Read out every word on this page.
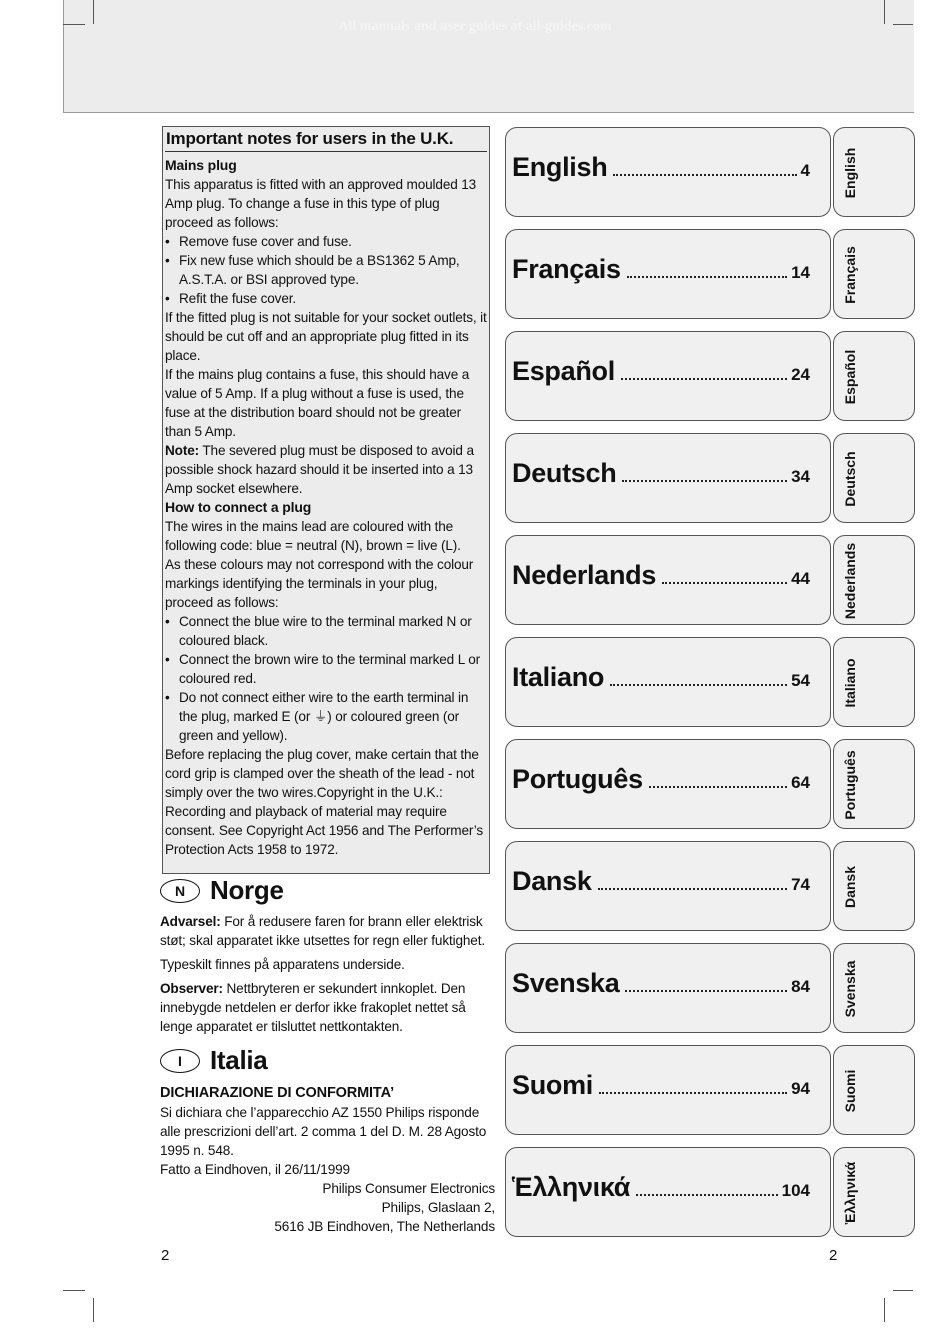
All manuals and user guides at all-guides.com
Important notes for users in the U.K.

Mains plug

This apparatus is fitted with an approved moulded 13 Amp plug. To change a fuse in this type of plug proceed as follows:

• Remove fuse cover and fuse.

• Fix new fuse which should be a BS1362 5 Amp, A.S.T.A. or BSI approved type.

• Refit the fuse cover.

If the fitted plug is not suitable for your socket outlets, it should be cut off and an appropriate plug fitted in its place.

If the mains plug contains a fuse, this should have a value of 5 Amp. If a plug without a fuse is used, the fuse at the distribution board should not be greater than 5 Amp.

Note: The severed plug must be disposed to avoid a possible shock hazard should it be inserted into a 13 Amp socket elsewhere.

How to connect a plug

The wires in the mains lead are coloured with the following code: blue = neutral (N), brown = live (L).

As these colours may not correspond with the colour markings identifying the terminals in your plug, proceed as follows:

• Connect the blue wire to the terminal marked N or coloured black.

• Connect the brown wire to the terminal marked L or coloured red.

• Do not connect either wire to the earth terminal in the plug, marked E (or ⏚) or coloured green (or green and yellow).

Before replacing the plug cover, make certain that the cord grip is clamped over the sheath of the lead - not simply over the two wires.Copyright in the U.K.: Recording and playback of material may require consent. See Copyright Act 1956 and The Performer’s Protection Acts 1958 to 1972.

N Norge

Advarsel: For å redusere faren for brann eller elektrisk støt; skal apparatet ikke utsettes for regn eller fuktighet.

Typeskilt finnes på apparatens underside.

Observer: Nettbryteren er sekundert innkoplet. Den innebygde netdelen er derfor ikke frakoplet nettet så lenge apparatet er tilsluttet nettkontakten.

I	Italia

DICHIARAZIONE DI CONFORMITA’

Si dichiara che l’apparecchio AZ 1550 Philips risponde alle prescrizioni dell’art. 2 comma 1 del D. M. 28 Agosto 1995 n. 548.

Fatto a Eindhoven, il 26/11/1999

Philips Consumer Electronics

Philips, Glaslaan 2,

5616 JB Eindhoven, The Netherlands

2	2
English	4
Français	14
Español	24
Deutsch	34
Nederlands	44
Italiano	54
Português	64
Dansk	74
Svenska	84
Suomi	94
Ἑλληνικά	104
English
Français
Español
Deutsch
Nederlands
Italiano
Português
Dansk
Svenska
Suomi
Ἑλληνικά
